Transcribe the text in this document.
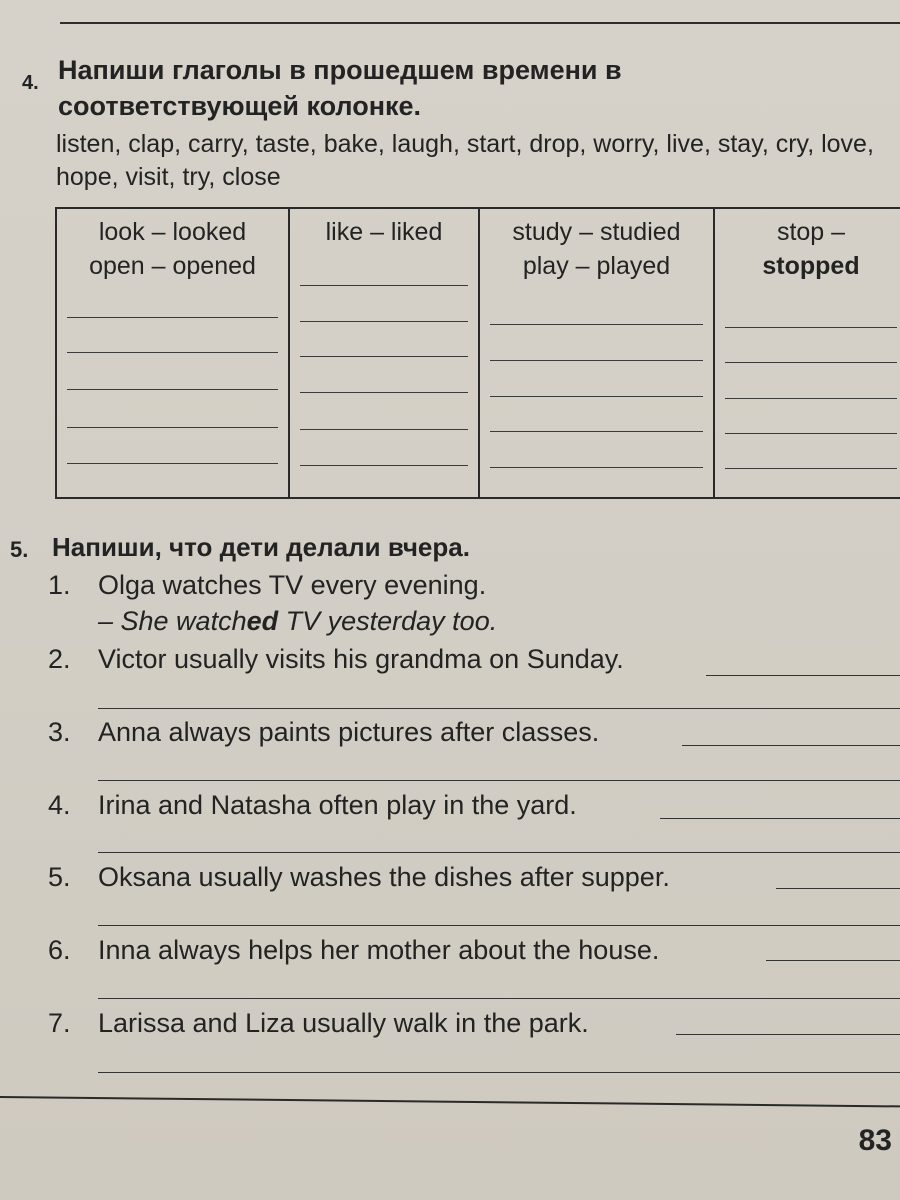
4. Напиши глаголы в прошедшем времени в соответствующей колонке.
listen, clap, carry, taste, bake, laugh, start, drop, worry, live, stay, cry, love, hope, visit, try, close
look – looked
open – opened
like – liked	study – studied
play – played
stop –
stopped
5. Напиши, что дети делали вчера.
1. Olga watches TV every evening.
– She watched TV yesterday too.
2. Victor usually visits his grandma on Sunday.
3. Anna always paints pictures after classes.
4. Irina and Natasha often play in the yard.
5. Oksana usually washes the dishes after supper.
6. Inna always helps her mother about the house.
7. Larissa and Liza usually walk in the park.
83
